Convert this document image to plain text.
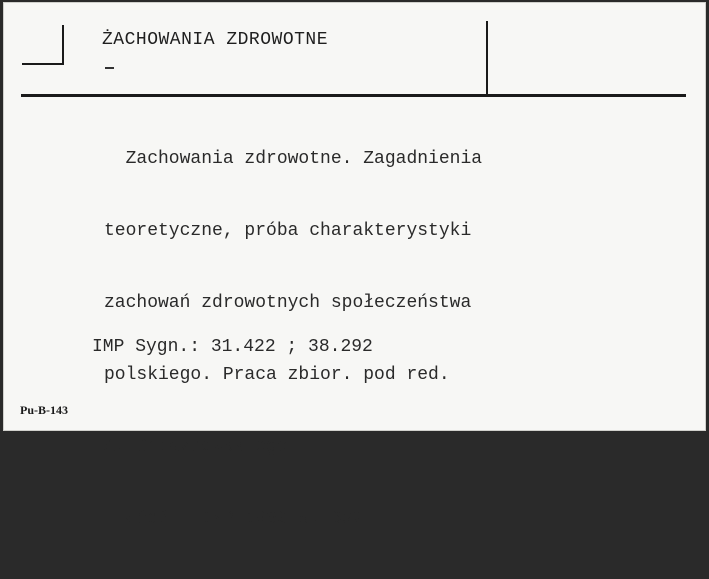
ŻACHOWANIA ZDROWOTNE

Zachowania zdrowotne. Zagadnienia

teoretyczne, próba charakterystyki

zachowań zdrowotnych społeczeństwa

polskiego. Praca zbior. pod red.

A. Gniazdowskiego.

Łódź : IMP 1990 s. 392

IMP Sygn.: 31.422 ; 38.292
Pu-B-143
